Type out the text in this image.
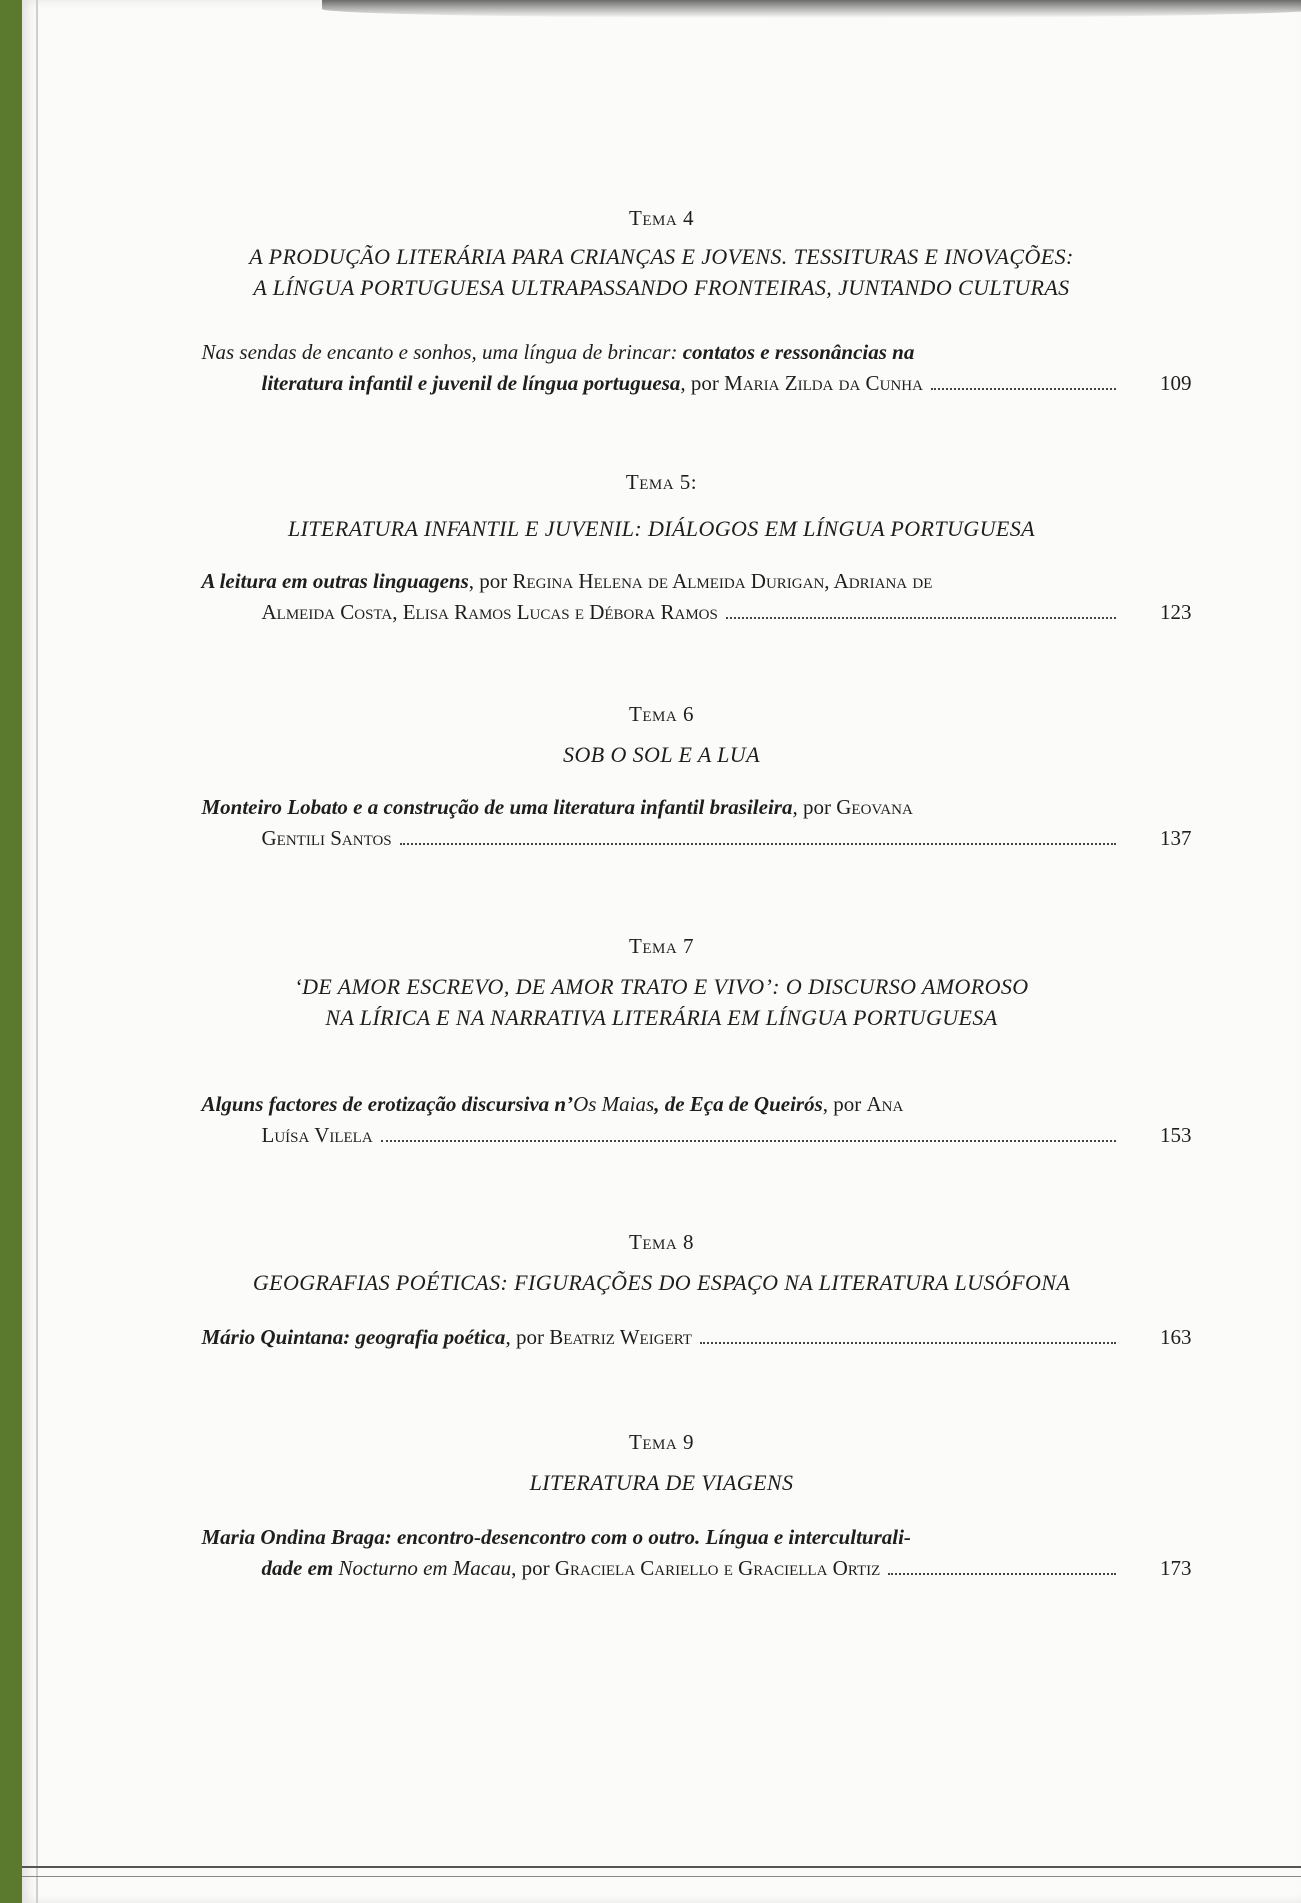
Tema 4

A PRODUÇÃO LITERÁRIA PARA CRIANÇAS E JOVENS. TESSITURAS E INOVAÇÕES:
A LÍNGUA PORTUGUESA ULTRAPASSANDO FRONTEIRAS, JUNTANDO CULTURAS

Nas sendas de encanto e sonhos, uma língua de brincar: contatos e ressonâncias na
literatura infantil e juvenil de língua portuguesa, por Maria Zilda da Cunha	109

Tema 5:

LITERATURA INFANTIL E JUVENIL: DIÁLOGOS EM LÍNGUA PORTUGUESA

A leitura em outras linguagens, por Regina Helena de Almeida Durigan, Adriana de
Almeida Costa, Elisa Ramos Lucas e Débora Ramos	123

Tema 6

SOB O SOL E A LUA

Monteiro Lobato e a construção de uma literatura infantil brasileira, por Geovana
Gentili Santos	137

Tema 7

‘DE AMOR ESCREVO, DE AMOR TRATO E VIVO’: O DISCURSO AMOROSO
NA LÍRICA E NA NARRATIVA LITERÁRIA EM LÍNGUA PORTUGUESA

Alguns factores de erotização discursiva n’Os Maias, de Eça de Queirós, por Ana
Luísa Vilela	153

Tema 8

GEOGRAFIAS POÉTICAS: FIGURAÇÕES DO ESPAÇO NA LITERATURA LUSÓFONA

Mário Quintana: geografia poética, por Beatriz Weigert	163

Tema 9

LITERATURA DE VIAGENS

Maria Ondina Braga: encontro-desencontro com o outro. Língua e interculturali-
dade em Nocturno em Macau, por Graciela Cariello e Graciella Ortiz	173
